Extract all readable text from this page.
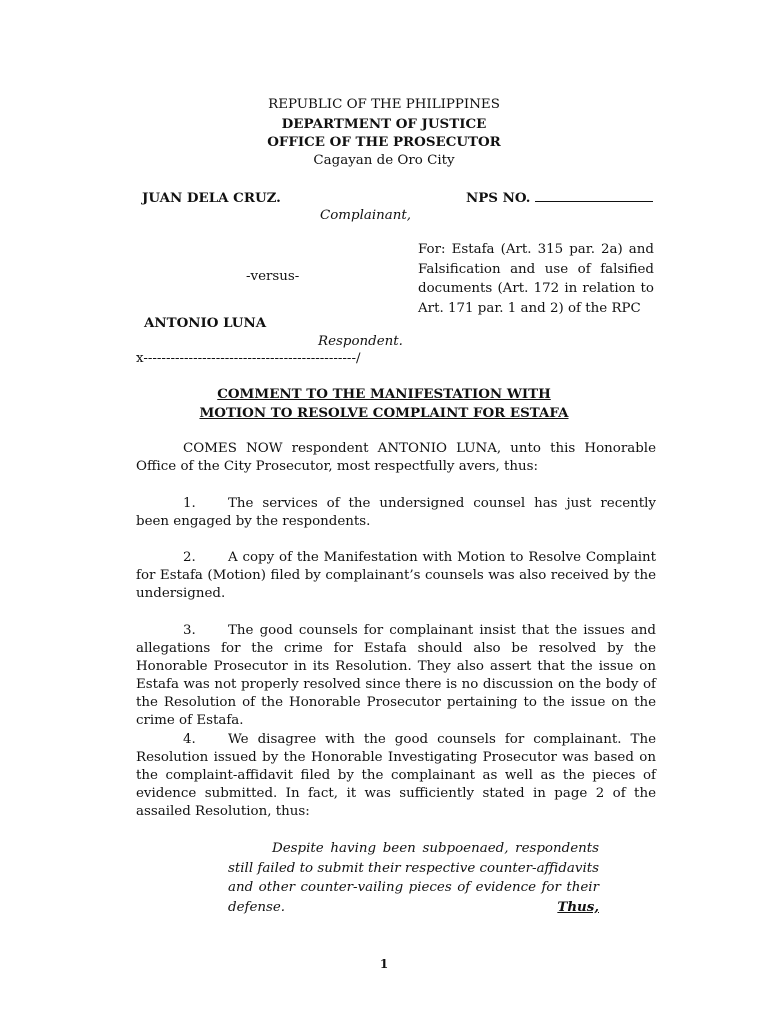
REPUBLIC OF THE PHILIPPINES
DEPARTMENT OF JUSTICE
OFFICE OF THE PROSECUTOR
Cagayan de Oro City
JUAN DELA CRUZ.	NPS NO.
Complainant,
For: Estafa (Art. 315 par. 2a) and Falsification and use of falsified documents (Art. 172 in relation to Art. 171 par. 1 and 2) of the RPC
-versus-
ANTONIO LUNA
Respondent.
x-----------------------------------------------/
COMMENT TO THE MANIFESTATION WITH
MOTION TO RESOLVE COMPLAINT FOR ESTAFA
COMES NOW respondent ANTONIO LUNA, unto this Honorable Office of the City Prosecutor, most respectfully avers, thus:
1. The services of the undersigned counsel has just recently been engaged by the respondents.
2. A copy of the Manifestation with Motion to Resolve Complaint for Estafa (Motion) filed by complainant’s counsels was also received by the undersigned.
3. The good counsels for complainant insist that the issues and allegations for the crime for Estafa should also be resolved by the Honorable Prosecutor in its Resolution. They also assert that the issue on Estafa was not properly resolved since there is no discussion on the body of the Resolution of the Honorable Prosecutor pertaining to the issue on the crime of Estafa.
4. We disagree with the good counsels for complainant. The Resolution issued by the Honorable Investigating Prosecutor was based on the complaint-affidavit filed by the complainant as well as the pieces of evidence submitted. In fact, it was sufficiently stated in page 2 of the assailed Resolution, thus:
Despite having been subpoenaed, respondents still failed to submit their respective counter-affidavits and other counter-vailing pieces of evidence for their defense.	Thus,
1
